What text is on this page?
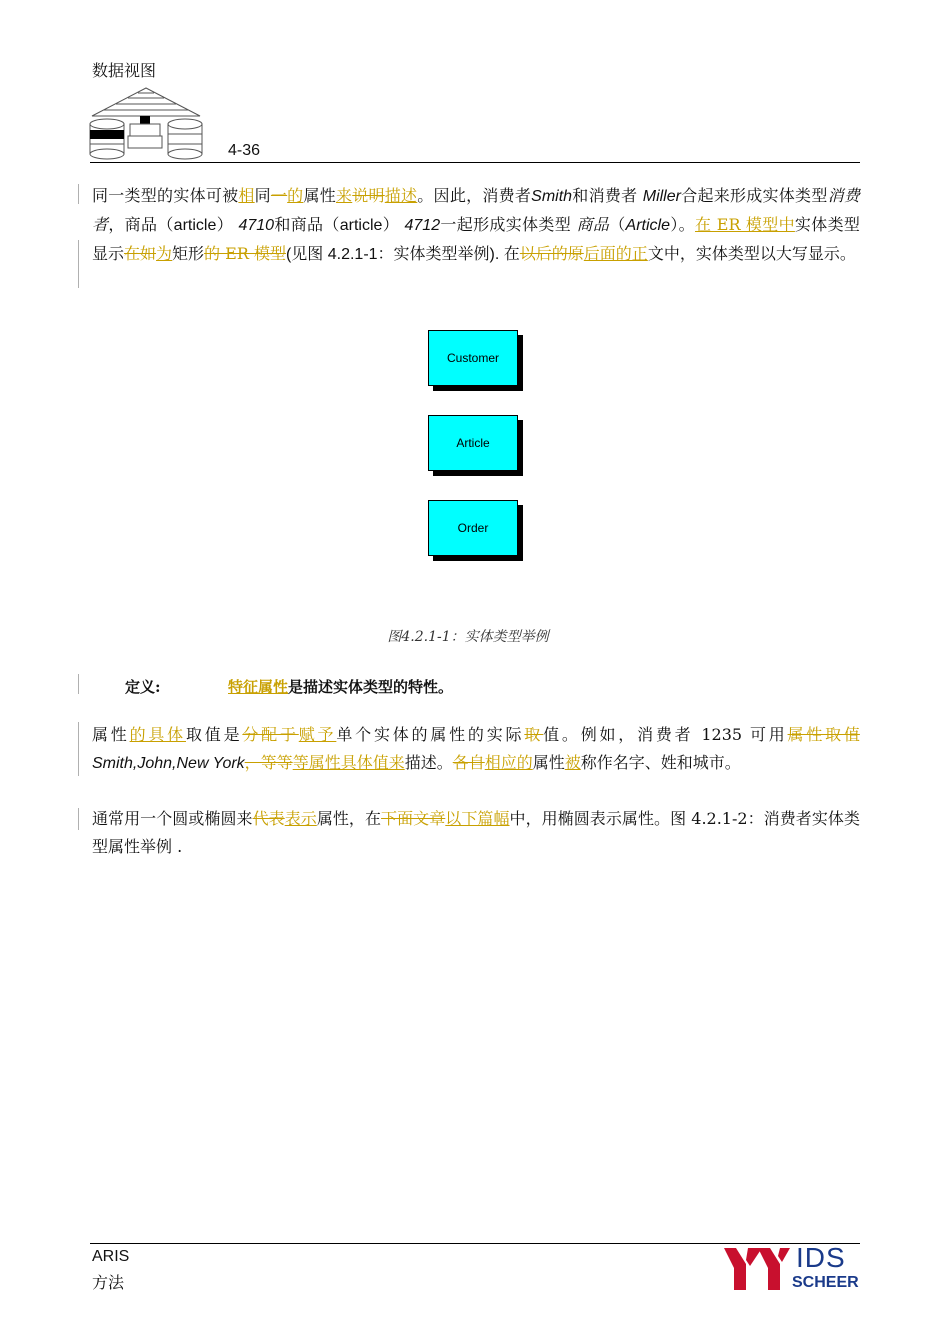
数据视图
4-36
同一类型的实体可被相同一的属性来说明描述。因此，消费者Smith和消费者 Miller合起来形成实体类型消费者，商品（article） 4710和商品（article） 4712一起形成实体类型 商品（Article）。在 ER 模型中实体类型显示在如为矩形的 ER 模型(见图 4.2.1-1：实体类型举例). 在以后的原后面的正文中，实体类型以大写显示。
Customer
Article
Order
图4.2.1-1：实体类型举例
定义:	特征属性是描述实体类型的特性。
属性的具体取值是分配于赋予单个实体的属性的实际取值。例如，消费者 1235 可用属性取值 Smith,John,New York，等等等属性具体值来描述。各自相应的属性被称作名字、姓和城市。
通常用一个圆或椭圆来代表表示属性，在下面文章以下篇幅中，用椭圆表示属性。图 4.2.1-2：消费者实体类型属性举例 .
ARIS
方法
IDS
SCHEER
